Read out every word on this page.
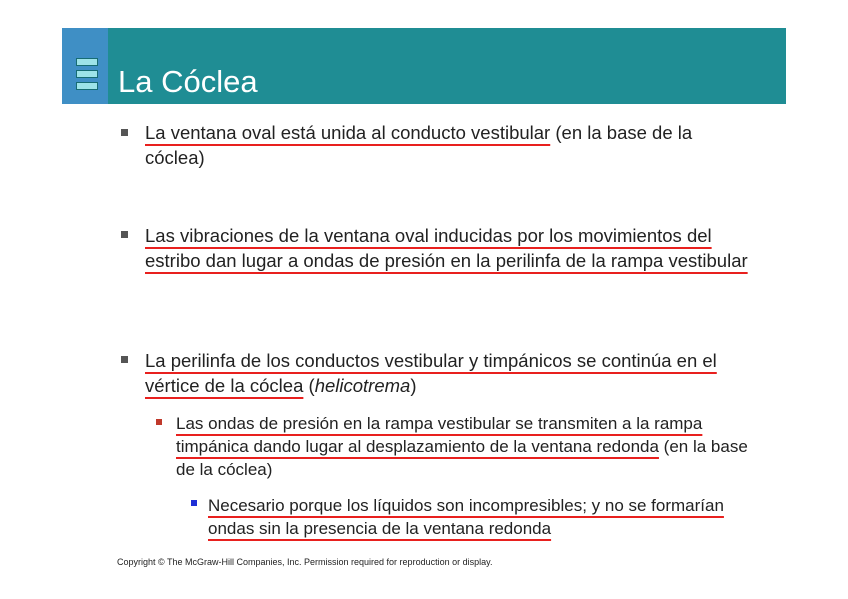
La Cóclea
La ventana oval está unida al conducto vestibular (en la base de la cóclea)
Las vibraciones de la ventana oval inducidas por los movimientos del estribo dan lugar a ondas de presión en la perilinfa de la rampa vestibular
La perilinfa de los conductos vestibular y timpánicos se continúa en el vértice de la cóclea (helicotrema)
Las ondas de presión en la rampa vestibular se transmiten a la rampa timpánica dando lugar al desplazamiento de la ventana redonda (en la base de la cóclea)
Necesario porque los líquidos son incompresibles; y no se formarían ondas sin la presencia de la ventana redonda
Copyright © The McGraw-Hill Companies, Inc. Permission required for reproduction or display.
